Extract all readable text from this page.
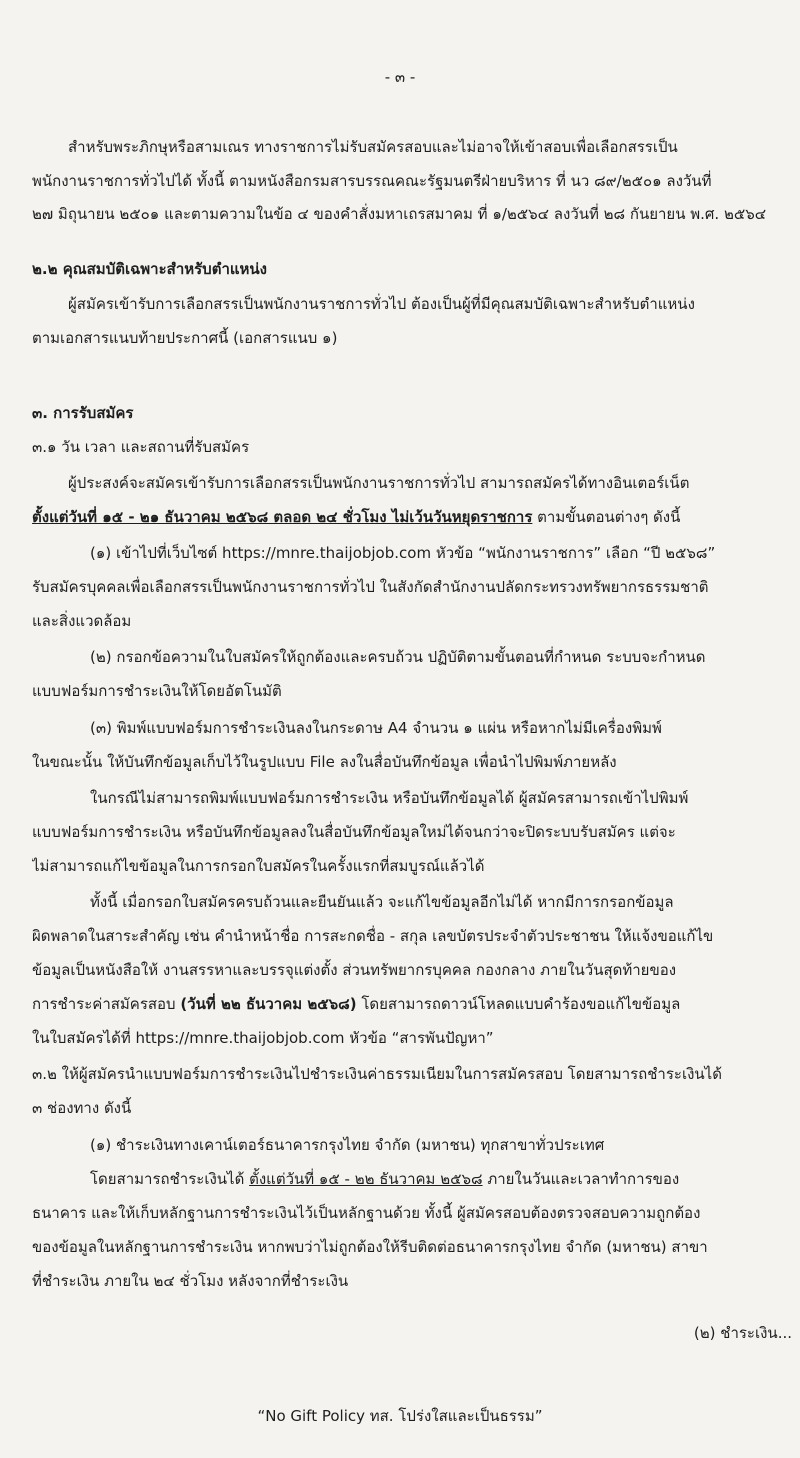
- ๓ -
สำหรับพระภิกษุหรือสามเณร ทางราชการไม่รับสมัครสอบและไม่อาจให้เข้าสอบเพื่อเลือกสรรเป็น
พนักงานราชการทั่วไปได้ ทั้งนี้ ตามหนังสือกรมสารบรรณคณะรัฐมนตรีฝ่ายบริหาร ที่ นว ๘๙/๒๕๐๑ ลงวันที่
๒๗ มิถุนายน ๒๕๐๑ และตามความในข้อ ๔ ของคำสั่งมหาเถรสมาคม ที่ ๑/๒๕๖๔ ลงวันที่ ๒๘ กันยายน พ.ศ. ๒๕๖๔
๒.๒ คุณสมบัติเฉพาะสำหรับตำแหน่ง
ผู้สมัครเข้ารับการเลือกสรรเป็นพนักงานราชการทั่วไป ต้องเป็นผู้ที่มีคุณสมบัติเฉพาะสำหรับตำแหน่ง
ตามเอกสารแนบท้ายประกาศนี้ (เอกสารแนบ ๑)
๓. การรับสมัคร
๓.๑ วัน เวลา และสถานที่รับสมัคร
ผู้ประสงค์จะสมัครเข้ารับการเลือกสรรเป็นพนักงานราชการทั่วไป สามารถสมัครได้ทางอินเตอร์เน็ต
ตั้งแต่วันที่ ๑๕ - ๒๑ ธันวาคม ๒๕๖๘ ตลอด ๒๔ ชั่วโมง ไม่เว้นวันหยุดราชการ ตามขั้นตอนต่างๆ ดังนี้
(๑) เข้าไปที่เว็บไซต์ https://mnre.thaijobjob.com หัวข้อ “พนักงานราชการ” เลือก “ปี ๒๕๖๘”
รับสมัครบุคคลเพื่อเลือกสรรเป็นพนักงานราชการทั่วไป ในสังกัดสำนักงานปลัดกระทรวงทรัพยากรธรรมชาติ
และสิ่งแวดล้อม
(๒) กรอกข้อความในใบสมัครให้ถูกต้องและครบถ้วน ปฏิบัติตามขั้นตอนที่กำหนด ระบบจะกำหนด
แบบฟอร์มการชำระเงินให้โดยอัตโนมัติ
(๓) พิมพ์แบบฟอร์มการชำระเงินลงในกระดาษ A4 จำนวน ๑ แผ่น หรือหากไม่มีเครื่องพิมพ์
ในขณะนั้น ให้บันทึกข้อมูลเก็บไว้ในรูปแบบ File ลงในสื่อบันทึกข้อมูล เพื่อนำไปพิมพ์ภายหลัง
ในกรณีไม่สามารถพิมพ์แบบฟอร์มการชำระเงิน หรือบันทึกข้อมูลได้ ผู้สมัครสามารถเข้าไปพิมพ์
แบบฟอร์มการชำระเงิน หรือบันทึกข้อมูลลงในสื่อบันทึกข้อมูลใหม่ได้จนกว่าจะปิดระบบรับสมัคร แต่จะ
ไม่สามารถแก้ไขข้อมูลในการกรอกใบสมัครในครั้งแรกที่สมบูรณ์แล้วได้
ทั้งนี้ เมื่อกรอกใบสมัครครบถ้วนและยืนยันแล้ว จะแก้ไขข้อมูลอีกไม่ได้ หากมีการกรอกข้อมูล
ผิดพลาดในสาระสำคัญ เช่น คำนำหน้าชื่อ การสะกดชื่อ - สกุล เลขบัตรประจำตัวประชาชน ให้แจ้งขอแก้ไข
ข้อมูลเป็นหนังสือให้ งานสรรหาและบรรจุแต่งตั้ง ส่วนทรัพยากรบุคคล กองกลาง ภายในวันสุดท้ายของ
การชำระค่าสมัครสอบ (วันที่ ๒๒ ธันวาคม ๒๕๖๘) โดยสามารถดาวน์โหลดแบบคำร้องขอแก้ไขข้อมูล
ในใบสมัครได้ที่ https://mnre.thaijobjob.com หัวข้อ “สารพันปัญหา”
๓.๒ ให้ผู้สมัครนำแบบฟอร์มการชำระเงินไปชำระเงินค่าธรรมเนียมในการสมัครสอบ โดยสามารถชำระเงินได้
๓ ช่องทาง ดังนี้
(๑) ชำระเงินทางเคาน์เตอร์ธนาคารกรุงไทย จำกัด (มหาชน) ทุกสาขาทั่วประเทศ
โดยสามารถชำระเงินได้ ตั้งแต่วันที่ ๑๕ - ๒๒ ธันวาคม ๒๕๖๘ ภายในวันและเวลาทำการของ
ธนาคาร และให้เก็บหลักฐานการชำระเงินไว้เป็นหลักฐานด้วย ทั้งนี้ ผู้สมัครสอบต้องตรวจสอบความถูกต้อง
ของข้อมูลในหลักฐานการชำระเงิน หากพบว่าไม่ถูกต้องให้รีบติดต่อธนาคารกรุงไทย จำกัด (มหาชน) สาขา
ที่ชำระเงิน ภายใน ๒๔ ชั่วโมง หลังจากที่ชำระเงิน
(๒) ชำระเงิน...
“No Gift Policy ทส. โปร่งใสและเป็นธรรม”
